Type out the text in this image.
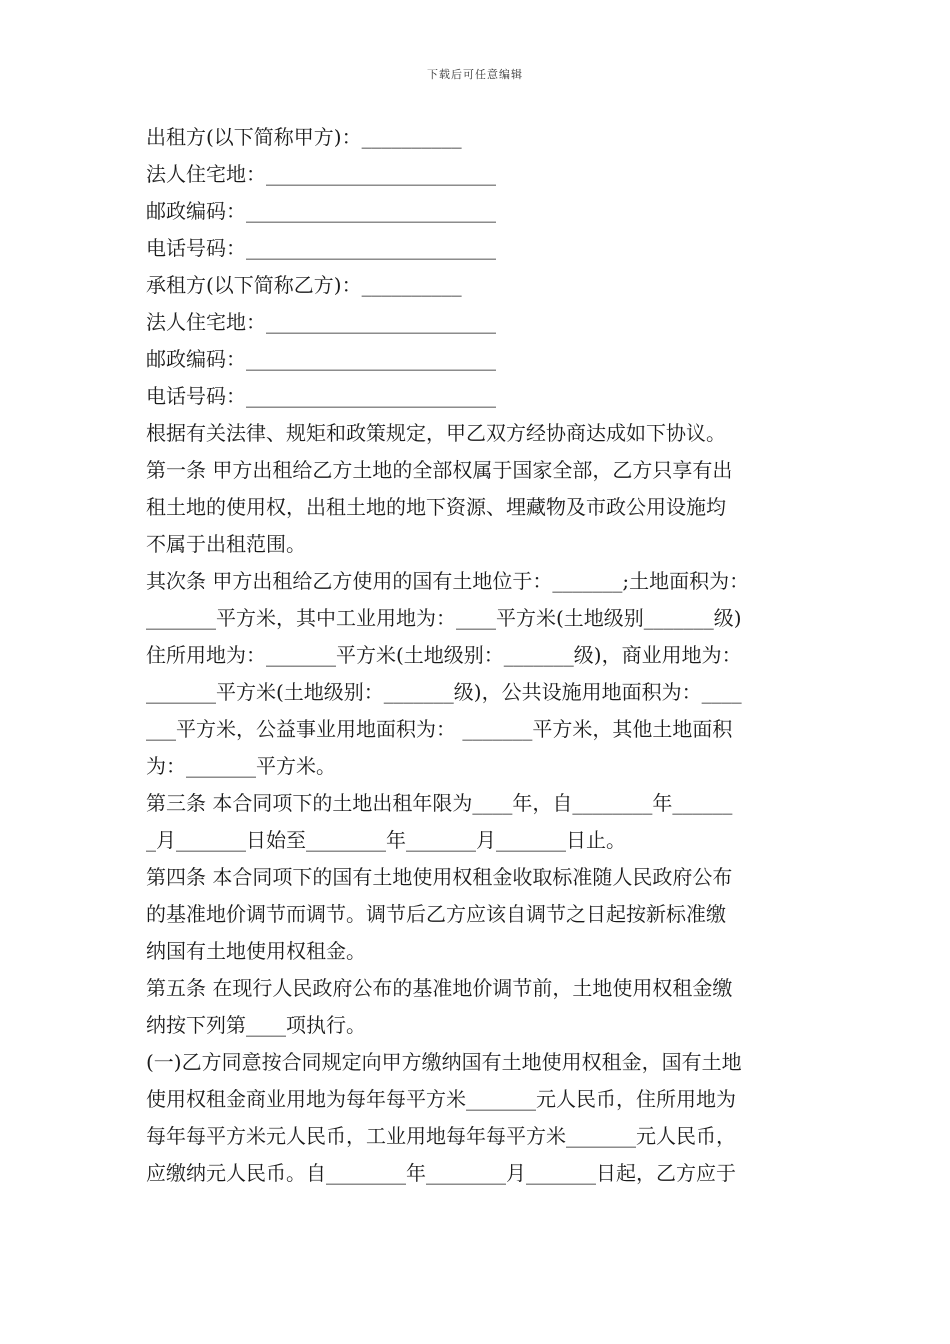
下载后可任意编辑

出租方(以下简称甲方)：__________

法人住宅地：_______________________

邮政编码：_________________________

电话号码：_________________________

承租方(以下简称乙方)：__________

法人住宅地：_______________________

邮政编码：_________________________

电话号码：_________________________

根据有关法律、规矩和政策规定，甲乙双方经协商达成如下协议。

第一条 甲方出租给乙方土地的全部权属于国家全部，乙方只享有出

租土地的使用权，出租土地的地下资源、埋藏物及市政公用设施均

不属于出租范围。

其次条 甲方出租给乙方使用的国有土地位于：_______;土地面积为：

_______平方米，其中工业用地为：____平方米(土地级别_______级)

住所用地为：_______平方米(土地级别：_______级)，商业用地为：

_______平方米(土地级别：_______级)，公共设施用地面积为：____

___平方米，公益事业用地面积为： _______平方米，其他土地面积

为：_______平方米。

第三条 本合同项下的土地出租年限为____年，自________年______

_月_______日始至________年_______月_______日止。

第四条 本合同项下的国有土地使用权租金收取标准随人民政府公布

的基准地价调节而调节。调节后乙方应该自调节之日起按新标准缴

纳国有土地使用权租金。

第五条 在现行人民政府公布的基准地价调节前，土地使用权租金缴

纳按下列第____项执行。

(一)乙方同意按合同规定向甲方缴纳国有土地使用权租金，国有土地

使用权租金商业用地为每年每平方米_______元人民币，住所用地为

每年每平方米元人民币，工业用地每年每平方米_______元人民币，

应缴纳元人民币。自________年________月_______日起，乙方应于
